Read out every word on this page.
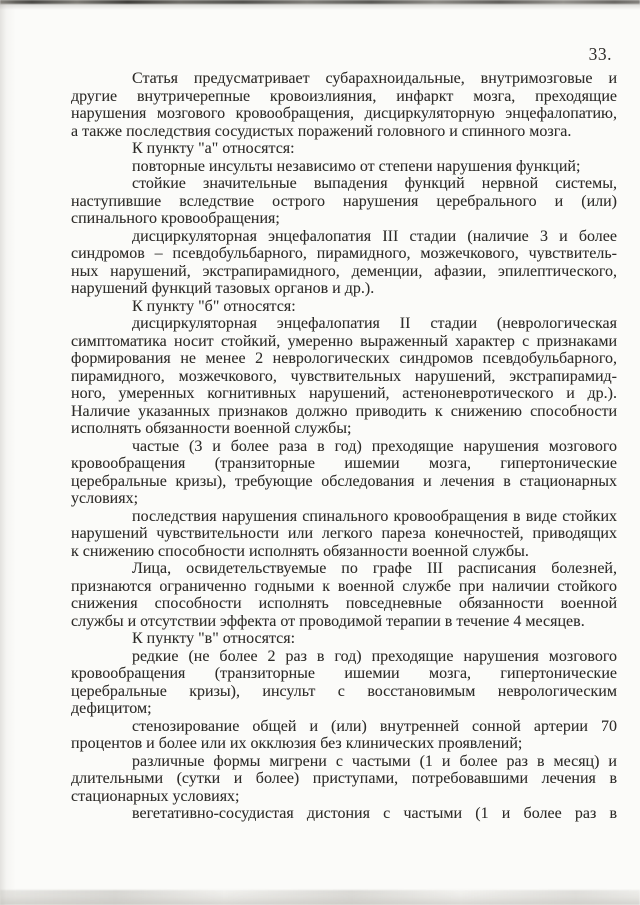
33.
Статья предусматривает субарахноидальные, внутримозговые и
другие внутричерепные кровоизлияния, инфаркт мозга, преходящие
нарушения мозгового кровообращения, дисциркуляторную энцефалопатию,
а также последствия сосудистых поражений головного и спинного мозга.
К пункту "а" относятся:
повторные инсульты независимо от степени нарушения функций;
стойкие значительные выпадения функций нервной системы,
наступившие вследствие острого нарушения церебрального и (или)
спинального кровообращения;
дисциркуляторная энцефалопатия III стадии (наличие 3 и более
синдромов – псевдобульбарного, пирамидного, мозжечкового, чувствитель-
ных нарушений, экстрапирамидного, деменции, афазии, эпилептического,
нарушений функций тазовых органов и др.).
К пункту "б" относятся:
дисциркуляторная энцефалопатия II стадии (неврологическая
симптоматика носит стойкий, умеренно выраженный характер с признаками
формирования не менее 2 неврологических синдромов псевдобульбарного,
пирамидного, мозжечкового, чувствительных нарушений, экстрапирамид-
ного, умеренных когнитивных нарушений, астеноневротического и др.).
Наличие указанных признаков должно приводить к снижению способности
исполнять обязанности военной службы;
частые (3 и более раза в год) преходящие нарушения мозгового
кровообращения (транзиторные ишемии мозга, гипертонические
церебральные кризы), требующие обследования и лечения в стационарных
условиях;
последствия нарушения спинального кровообращения в виде стойких
нарушений чувствительности или легкого пареза конечностей, приводящих
к снижению способности исполнять обязанности военной службы.
Лица, освидетельствуемые по графе III расписания болезней,
признаются ограниченно годными к военной службе при наличии стойкого
снижения способности исполнять повседневные обязанности военной
службы и отсутствии эффекта от проводимой терапии в течение 4 месяцев.
К пункту "в" относятся:
редкие (не более 2 раз в год) преходящие нарушения мозгового
кровообращения (транзиторные ишемии мозга, гипертонические
церебральные кризы), инсульт с восстановимым неврологическим
дефицитом;
стенозирование общей и (или) внутренней сонной артерии 70
процентов и более или их окклюзия без клинических проявлений;
различные формы мигрени с частыми (1 и более раз в месяц) и
длительными (сутки и более) приступами, потребовавшими лечения в
стационарных условиях;
вегетативно-сосудистая дистония с частыми (1 и более раз в
